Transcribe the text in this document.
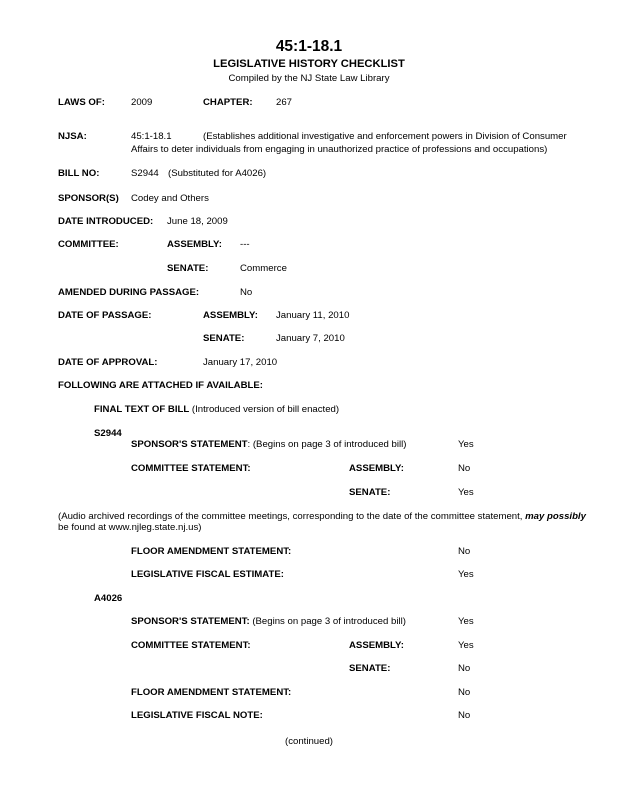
45:1-18.1
LEGISLATIVE HISTORY CHECKLIST
Compiled by the NJ State Law Library
LAWS OF:	2009	CHAPTER: 267
NJSA:	45:1-18.1	(Establishes additional investigative and enforcement powers in Division of Consumer
Affairs to deter individuals from engaging in unauthorized practice of professions and occupations)
BILL NO:	S2944 (Substituted for A4026)
SPONSOR(S) Codey and Others
DATE INTRODUCED: June 18, 2009
COMMITTEE:	ASSEMBLY: ---
SENATE:	Commerce
AMENDED DURING PASSAGE:	No
DATE OF PASSAGE:	ASSEMBLY: January 11, 2010
SENATE:	January 7, 2010
DATE OF APPROVAL:	January 17, 2010
FOLLOWING ARE ATTACHED IF AVAILABLE:
FINAL TEXT OF BILL (Introduced version of bill enacted)
S2944
SPONSOR'S STATEMENT: (Begins on page 3 of introduced bill)	Yes
COMMITTEE STATEMENT:	ASSEMBLY:	No
SENATE:	Yes
(Audio archived recordings of the committee meetings, corresponding to the date of the committee statement, may possibly
be found at www.njleg.state.nj.us)
FLOOR AMENDMENT STATEMENT:	No
LEGISLATIVE FISCAL ESTIMATE:	Yes
A4026
SPONSOR'S STATEMENT: (Begins on page 3 of introduced bill)	Yes
COMMITTEE STATEMENT:	ASSEMBLY:	Yes
SENATE:	No
FLOOR AMENDMENT STATEMENT:	No
LEGISLATIVE FISCAL NOTE:	No
(continued)
